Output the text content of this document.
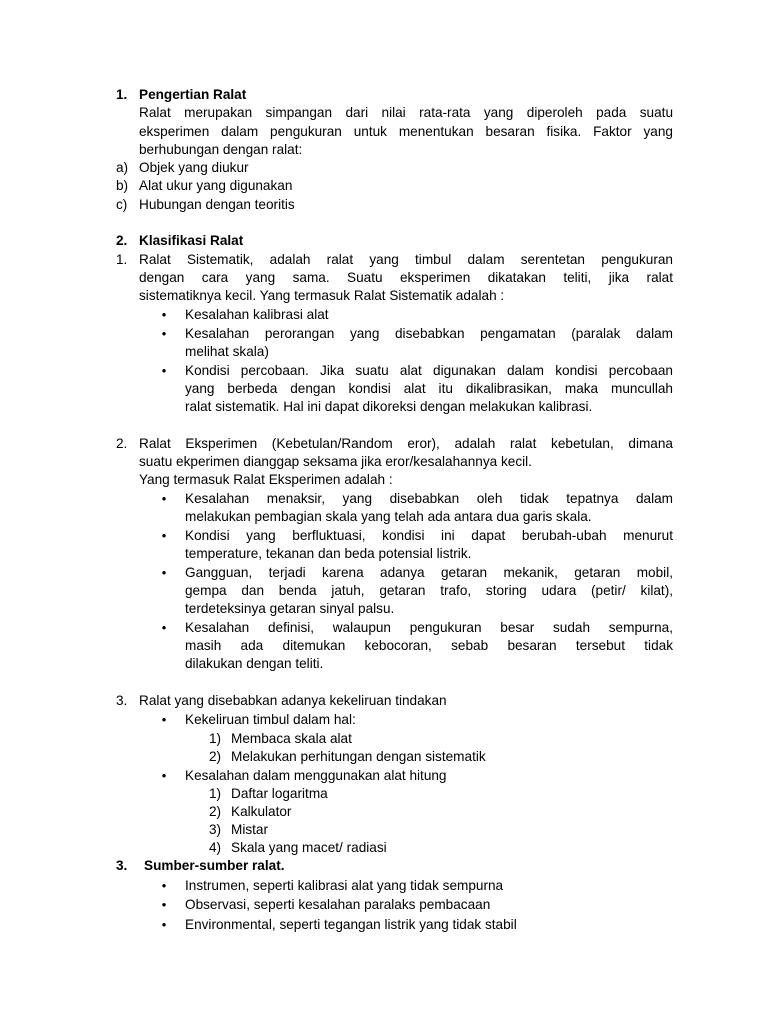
1. Pengertian Ralat
Ralat merupakan simpangan dari nilai rata-rata yang diperoleh pada suatu
eksperimen dalam pengukuran untuk menentukan besaran fisika. Faktor yang
berhubungan dengan ralat:
a) Objek yang diukur
b) Alat ukur yang digunakan
c) Hubungan dengan teoritis
2. Klasifikasi Ralat
1. Ralat Sistematik, adalah ralat yang timbul dalam serentetan pengukuran
dengan cara yang sama. Suatu eksperimen dikatakan teliti, jika ralat
sistematiknya kecil. Yang termasuk Ralat Sistematik adalah :
• Kesalahan kalibrasi alat
• Kesalahan perorangan yang disebabkan pengamatan (paralak dalam
melihat skala)
• Kondisi percobaan. Jika suatu alat digunakan dalam kondisi percobaan
yang berbeda dengan kondisi alat itu dikalibrasikan, maka muncullah
ralat sistematik. Hal ini dapat dikoreksi dengan melakukan kalibrasi.
2. Ralat Eksperimen (Kebetulan/Random eror), adalah ralat kebetulan, dimana
suatu ekperimen dianggap seksama jika eror/kesalahannya kecil.
Yang termasuk Ralat Eksperimen adalah :
• Kesalahan menaksir, yang disebabkan oleh tidak tepatnya dalam
melakukan pembagian skala yang telah ada antara dua garis skala.
• Kondisi yang berfluktuasi, kondisi ini dapat berubah-ubah menurut
temperature, tekanan dan beda potensial listrik.
• Gangguan, terjadi karena adanya getaran mekanik, getaran mobil,
gempa dan benda jatuh, getaran trafo, storing udara (petir/ kilat),
terdeteksinya getaran sinyal palsu.
• Kesalahan definisi, walaupun pengukuran besar sudah sempurna,
masih ada ditemukan kebocoran, sebab besaran tersebut tidak
dilakukan dengan teliti.
3. Ralat yang disebabkan adanya kekeliruan tindakan
• Kekeliruan timbul dalam hal:
1) Membaca skala alat
2) Melakukan perhitungan dengan sistematik
• Kesalahan dalam menggunakan alat hitung
1) Daftar logaritma
2) Kalkulator
3) Mistar
4) Skala yang macet/ radiasi
3. Sumber-sumber ralat.
• Instrumen, seperti kalibrasi alat yang tidak sempurna
• Observasi, seperti kesalahan paralaks pembacaan
• Environmental, seperti tegangan listrik yang tidak stabil
